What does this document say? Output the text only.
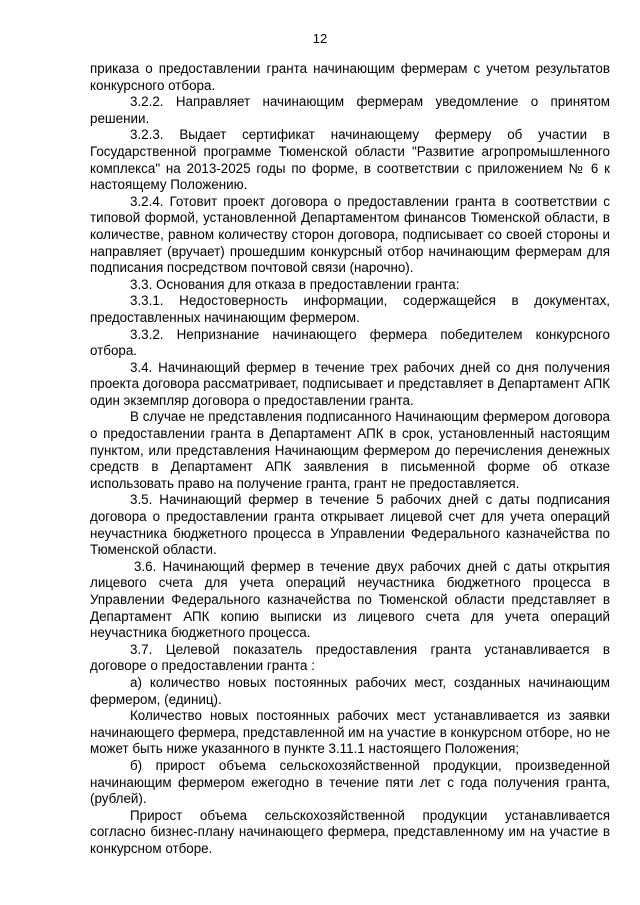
12

приказа о предоставлении гранта начинающим фермерам с учетом результатов конкурсного отбора.

3.2.2. Направляет начинающим фермерам уведомление о принятом решении.

3.2.3. Выдает сертификат начинающему фермеру об участии в Государственной программе Тюменской области "Развитие агропромышленного комплекса" на 2013-2025 годы по форме, в соответствии с приложением № 6 к настоящему Положению.

3.2.4. Готовит проект договора о предоставлении гранта в соответствии с типовой формой, установленной Департаментом финансов Тюменской области, в количестве, равном количеству сторон договора, подписывает со своей стороны и направляет (вручает) прошедшим конкурсный отбор начинающим фермерам для подписания посредством почтовой связи (нарочно).

3.3. Основания для отказа в предоставлении гранта:

3.3.1. Недостоверность информации, содержащейся в документах, предоставленных начинающим фермером.

3.3.2. Непризнание начинающего фермера победителем конкурсного отбора.

3.4. Начинающий фермер в течение трех рабочих дней со дня получения проекта договора рассматривает, подписывает и представляет в Департамент АПК один экземпляр договора о предоставлении гранта.

В случае не представления подписанного Начинающим фермером договора о предоставлении гранта в Департамент АПК в срок, установленный настоящим пунктом, или представления Начинающим фермером до перечисления денежных средств в Департамент АПК заявления в письменной форме об отказе использовать право на получение гранта, грант не предоставляется.

3.5. Начинающий фермер в течение 5 рабочих дней с даты подписания договора о предоставлении гранта открывает лицевой счет для учета операций неучастника бюджетного процесса в Управлении Федерального казначейства по Тюменской области.

3.6. Начинающий фермер в течение двух рабочих дней с даты открытия лицевого счета для учета операций неучастника бюджетного процесса в Управлении Федерального казначейства по Тюменской области представляет в Департамент АПК копию выписки из лицевого счета для учета операций неучастника бюджетного процесса.

3.7. Целевой показатель предоставления гранта устанавливается в договоре о предоставлении гранта :

а) количество новых постоянных рабочих мест, созданных начинающим фермером, (единиц).

Количество новых постоянных рабочих мест устанавливается из заявки начинающего фермера, представленной им на участие в конкурсном отборе, но не может быть ниже указанного в пункте 3.11.1 настоящего Положения;

б) прирост объема сельскохозяйственной продукции, произведенной начинающим фермером ежегодно в течение пяти лет с года получения гранта, (рублей).

Прирост объема сельскохозяйственной продукции устанавливается согласно бизнес-плану начинающего фермера, представленному им на участие в конкурсном отборе.
